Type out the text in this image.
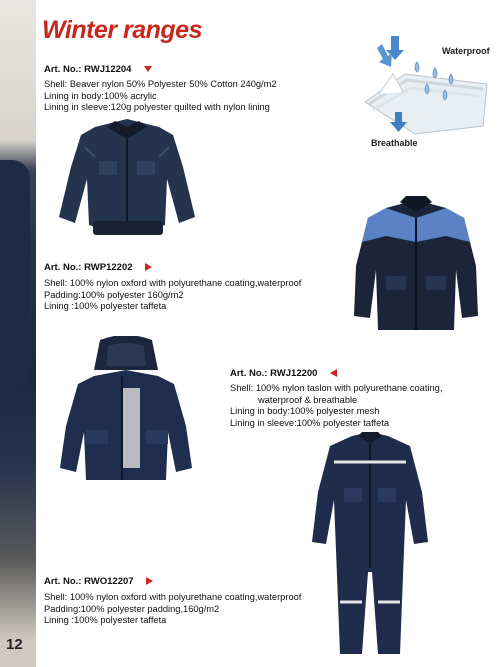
12
Winter ranges
Waterproof
Breathable
Art. No.: RWJ12204
Shell: Beaver nylon 50% Polyester 50% Cotton 240g/m2
Lining in body:100% acrylic
Lining in sleeve:120g polyester quilted with nylon lining
Art. No.: RWP12202
Shell: 100% nylon oxford with polyurethane coating,waterproof
Padding:100% polyester 160g/m2
Lining :100% polyester taffeta
Art. No.: RWJ12200
Shell: 100% nylon taslon with polyurethane coating,
waterproof & breathable
Lining in body:100% polyester mesh
Lining in sleeve:100% polyester taffeta
Art. No.: RWO12207
Shell: 100% nylon oxford with polyurethane coating,waterproof
Padding:100% polyester padding,160g/m2
Lining :100% polyester taffeta
